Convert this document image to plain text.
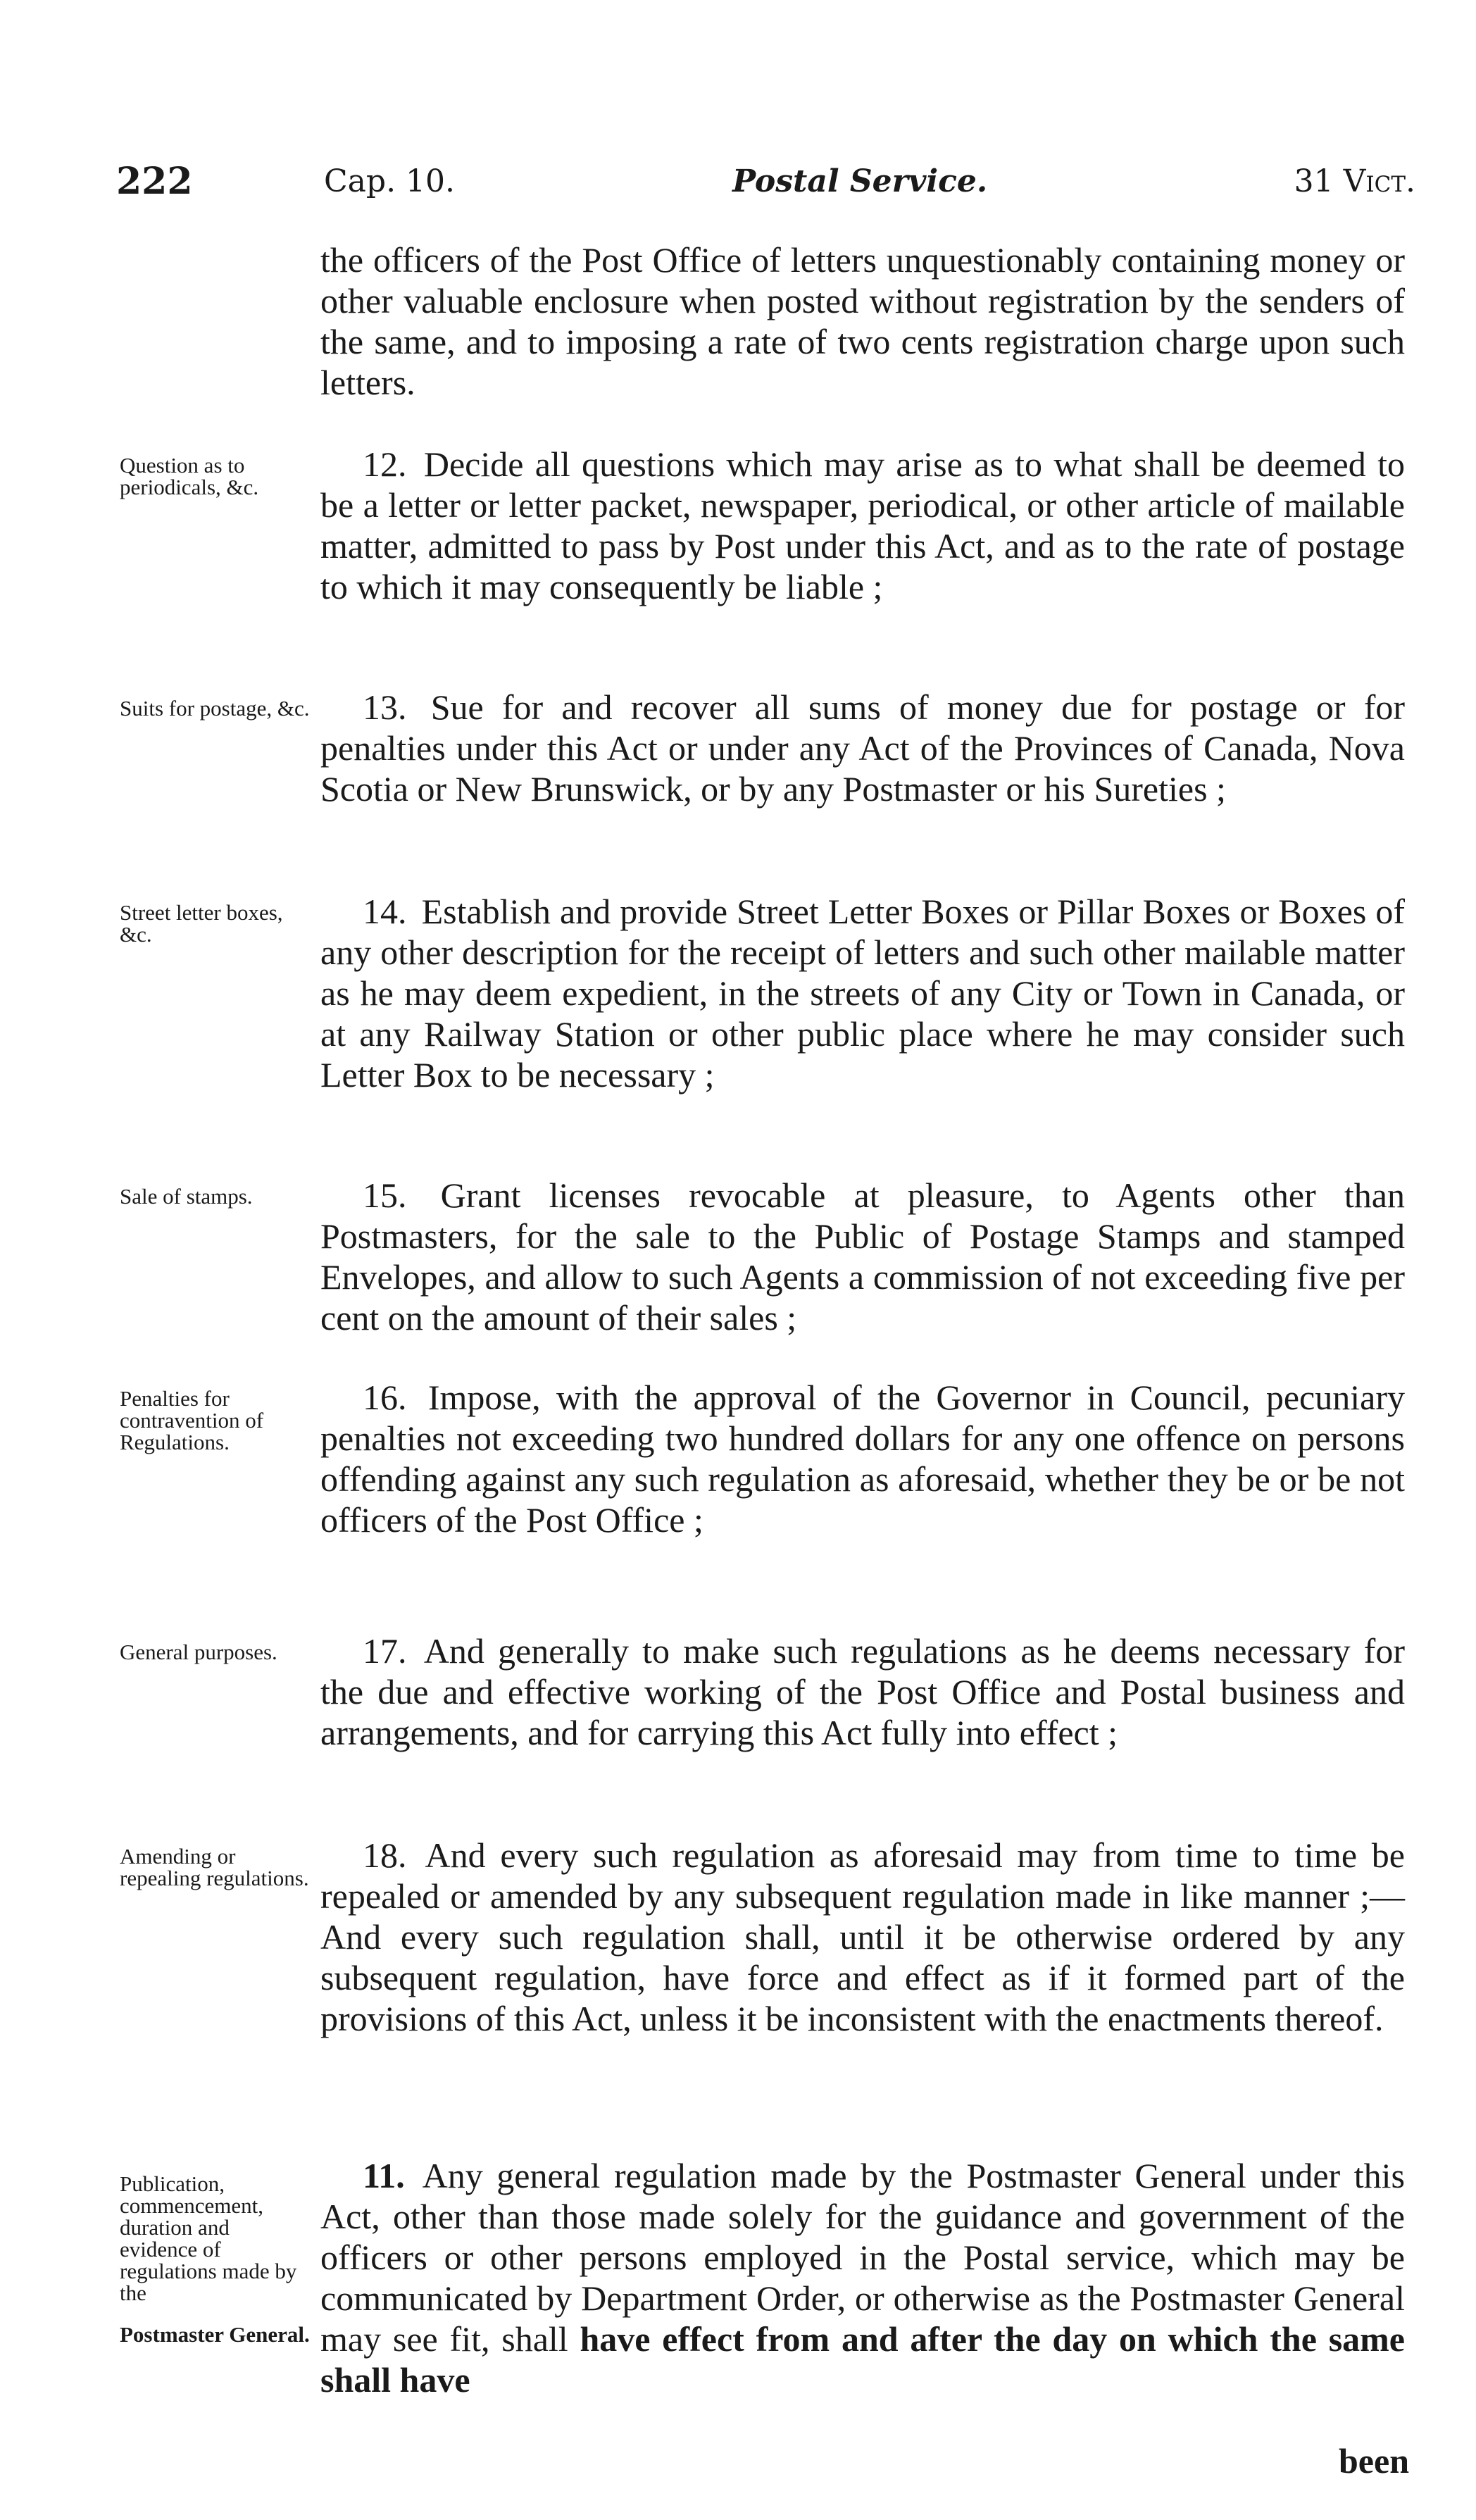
222	Cap. 10.	Postal Service.	31 Vict.

the officers of the Post Office of letters unquestionably containing money or other valuable enclosure when posted without registration by the senders of the same, and to imposing a rate of two cents registration charge upon such letters.

Question as to periodicals, &c.

12. Decide all questions which may arise as to what shall be deemed to be a letter or letter packet, newspaper, periodical, or other article of mailable matter, admitted to pass by Post under this Act, and as to the rate of postage to which it may consequently be liable ;

Suits for postage, &c.	13. Sue for and recover all sums of money due for postage or for penalties under this Act or under any Act of the Provinces of Canada, Nova Scotia or New Brunswick, or by any Postmaster or his Sureties ;

Street letter boxes, &c.

14. Establish and provide Street Letter Boxes or Pillar Boxes or Boxes of any other description for the receipt of letters and such other mailable matter as he may deem expedient, in the streets of any City or Town in Canada, or at any Railway Station or other public place where he may consider such Letter Box to be necessary ;

Sale of stamps.	15. Grant licenses revocable at pleasure, to Agents other than Postmasters, for the sale to the Public of Postage Stamps and stamped Envelopes, and allow to such Agents a commission of not exceeding five per cent on the amount of their sales ;

Penalties for contravention of Regulations.

16. Impose, with the approval of the Governor in Council, pecuniary penalties not exceeding two hundred dollars for any one offence on persons offending against any such regulation as aforesaid, whether they be or be not officers of the Post Office ;

General purposes.	17. And generally to make such regulations as he deems necessary for the due and effective working of the Post Office and Postal business and arrangements, and for carrying this Act fully into effect ;

Amending or repealing regulations.

18. And every such regulation as aforesaid may from time to time be repealed or amended by any subsequent regulation made in like manner ;—And every such regulation shall, until it be otherwise ordered by any subsequent regulation, have force and effect as if it formed part of the provisions of this Act, unless it be inconsistent with the enactments thereof.

Publication, commencement, duration and evidence of regulations made by the
Postmaster General.

11. Any general regulation made by the Postmaster General under this Act, other than those made solely for the guidance and government of the officers or other persons employed in the Postal service, which may be communicated by Department Order, or otherwise as the Postmaster General may see fit, shall have effect from and after the day on which the same shall have

been
